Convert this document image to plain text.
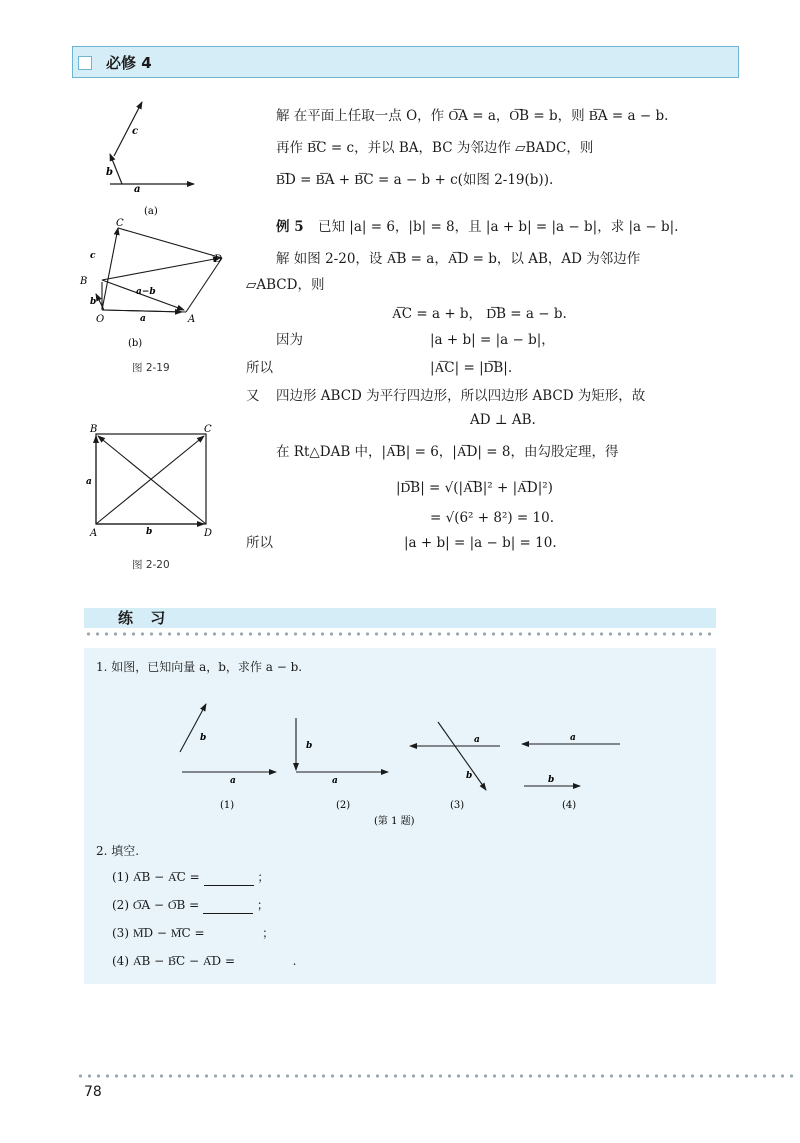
必修 4
c
b
a
(a)
C
D
B
O	A
c
b
a−b
a
(b)
图 2-19
B	C
A	D
a
b
图 2-20
解 在平面上任取一点 O，作 O͞A = a，O͞B = b，则 B͞A = a − b.
再作 B͞C = c，并以 BA，BC 为邻边作 ▱BADC，则
B͞D = B͞A + B͞C = a − b + c(如图 2-19(b)).
例 5 已知 |a| = 6，|b| = 8，且 |a + b| = |a − b|，求 |a − b|.
解 如图 2-20，设 A͞B = a，A͞D = b，以 AB，AD 为邻边作
▱ABCD，则
A͞C = a + b， D͞B = a − b.
因为	|a + b| = |a − b|，
所以	|A͞C| = |D͞B|.
又 四边形 ABCD 为平行四边形，所以四边形 ABCD 为矩形，故
AD ⊥ AB.
在 Rt△DAB 中，|A͞B| = 6，|A͞D| = 8，由勾股定理，得
|D͞B| = √(|A͞B|² + |A͞D|²)
= √(6² + 8²) = 10.
所以	|a + b| = |a − b| = 10.
练 习
1. 如图，已知向量 a，b，求作 a − b.
b
a
b
a
a
b
a
b
(1)	(2)	(3)	(4)
(第 1 题)
2. 填空.
(1) A͞B − A͞C =	；
(2) O͞A − O͞B =	；
(3) M͞D − M͞C =	；
(4) A͞B − B͞C − A͞D =	.
78
